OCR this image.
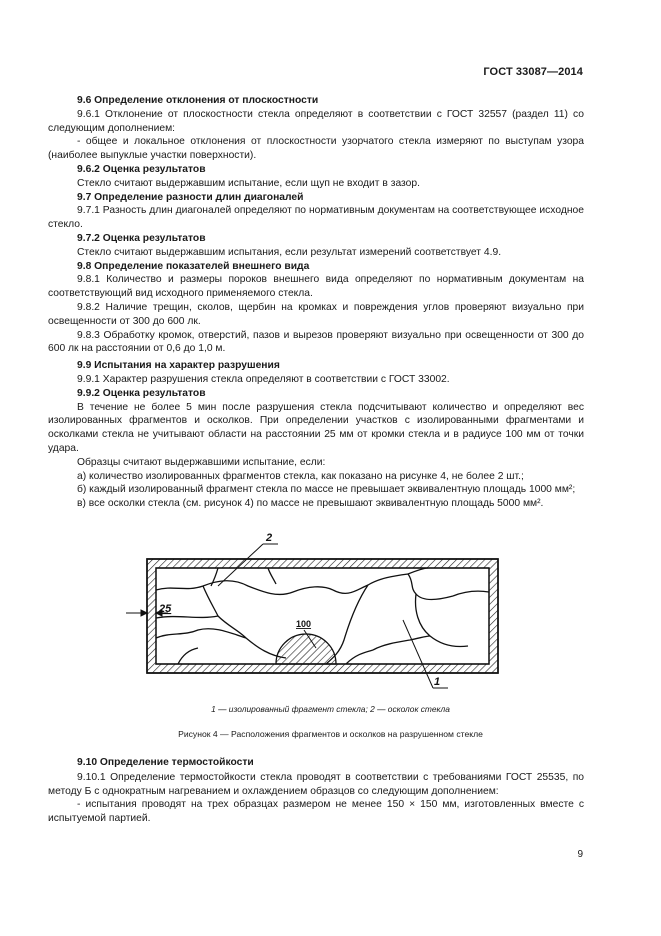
ГОСТ 33087—2014

9.6 Определение отклонения от плоскостности

9.6.1 Отклонение от плоскостности стекла определяют в соответствии с ГОСТ 32557 (раздел 11) со следующим дополнением:

- общее и локальное отклонения от плоскостности узорчатого стекла измеряют по выступам узора (наиболее выпуклые участки поверхности).

9.6.2 Оценка результатов

Стекло считают выдержавшим испытание, если щуп не входит в зазор.

9.7 Определение разности длин диагоналей

9.7.1 Разность длин диагоналей определяют по нормативным документам на соответствующее исходное стекло.

9.7.2 Оценка результатов

Стекло считают выдержавшим испытания, если результат измерений соответствует 4.9.

9.8 Определение показателей внешнего вида

9.8.1 Количество и размеры пороков внешнего вида определяют по нормативным документам на соответствующий вид исходного применяемого стекла.

9.8.2 Наличие трещин, сколов, щербин на кромках и повреждения углов проверяют визуально при освещенности от 300 до 600 лк.

9.8.3 Обработку кромок, отверстий, пазов и вырезов проверяют визуально при освещенности от 300 до 600 лк на расстоянии от 0,6 до 1,0 м.

9.9 Испытания на характер разрушения

9.9.1 Характер разрушения стекла определяют в соответствии с ГОСТ 33002.

9.9.2 Оценка результатов

В течение не более 5 мин после разрушения стекла подсчитывают количество и определяют вес изолированных фрагментов и осколков. При определении участков с изолированными фрагментами и осколками стекла не учитывают области на расстоянии 25 мм от кромки стекла и в радиусе 100 мм от точки удара.

Образцы считают выдержавшими испытание, если:

а) количество изолированных фрагментов стекла, как показано на рисунке 4, не более 2 шт.;

б) каждый изолированный фрагмент стекла по массе не превышает эквивалентную площадь 1000 мм²;

в) все осколки стекла (см. рисунок 4) по массе не превышают эквивалентную площадь 5000 мм².

25
2
100
1
1 — изолированный фрагмент стекла; 2 — осколок стекла
Рисунок 4 — Расположения фрагментов и осколков на разрушенном стекле

9.10 Определение термостойкости

9.10.1 Определение термостойкости стекла проводят в соответствии с требованиями ГОСТ 25535, по методу Б с однократным нагреванием и охлаждением образцов со следующим дополнением:

- испытания проводят на трех образцах размером не менее 150 × 150 мм, изготовленных вместе с испытуемой партией.

9
